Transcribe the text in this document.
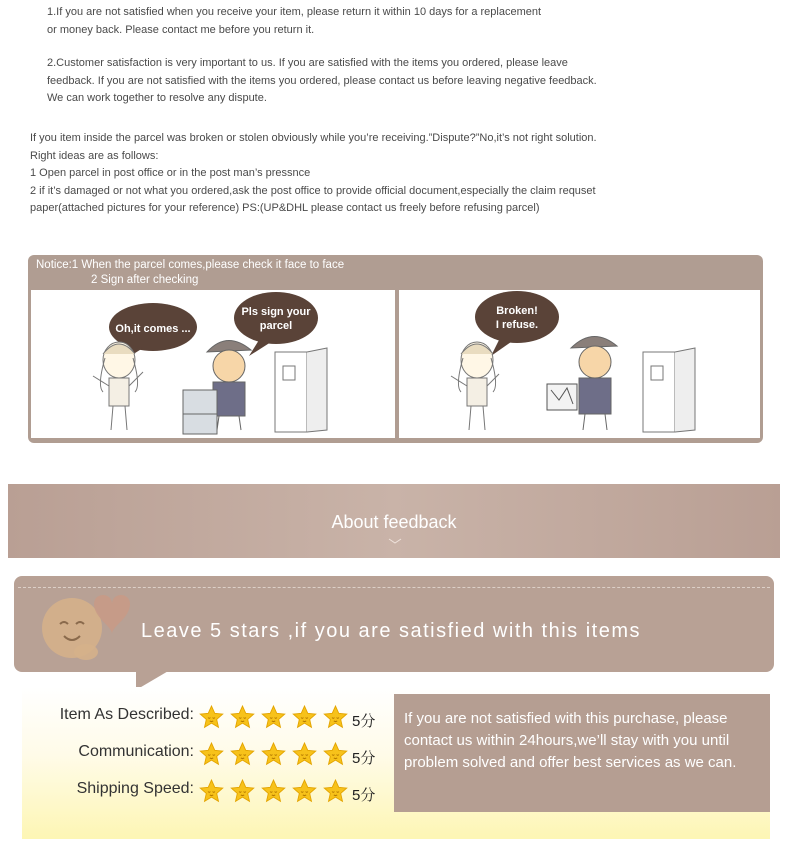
1.If you are not satisfied when you receive your item, please return it within 10 days for a replacement

or money back. Please contact me before you return it.

2.Customer satisfaction is very important to us. If you are satisfied with the items you ordered, please leave

feedback. If you are not satisfied with the items you ordered, please contact us before leaving negative feedback.

We can work together to resolve any dispute.

If you item inside the parcel was broken or stolen obviously while you’re receiving.”Dispute?”No,it’s not right solution.

Right ideas are as follows:

1 Open parcel in post office or in the post man’s pressnce

2 if it’s damaged or not what you ordered,ask the post office to provide official document,especially the claim requset

paper(attached pictures for your reference) PS:(UP&DHL please contact us freely before refusing parcel)

Notice:1 When the parcel comes,please check it face to face
2 Sign after checking
Oh,it comes ...
Pls sign your
parcel
Broken!
I refuse.
About feedback
Leave 5 stars ,if you are satisfied with this items
Item As Described:	5分
Communication:	5分
Shipping Speed:	5分
If you are not satisfied with this purchase, please contact us within 24hours,we’ll stay with you until problem solved and offer best services as we can.
